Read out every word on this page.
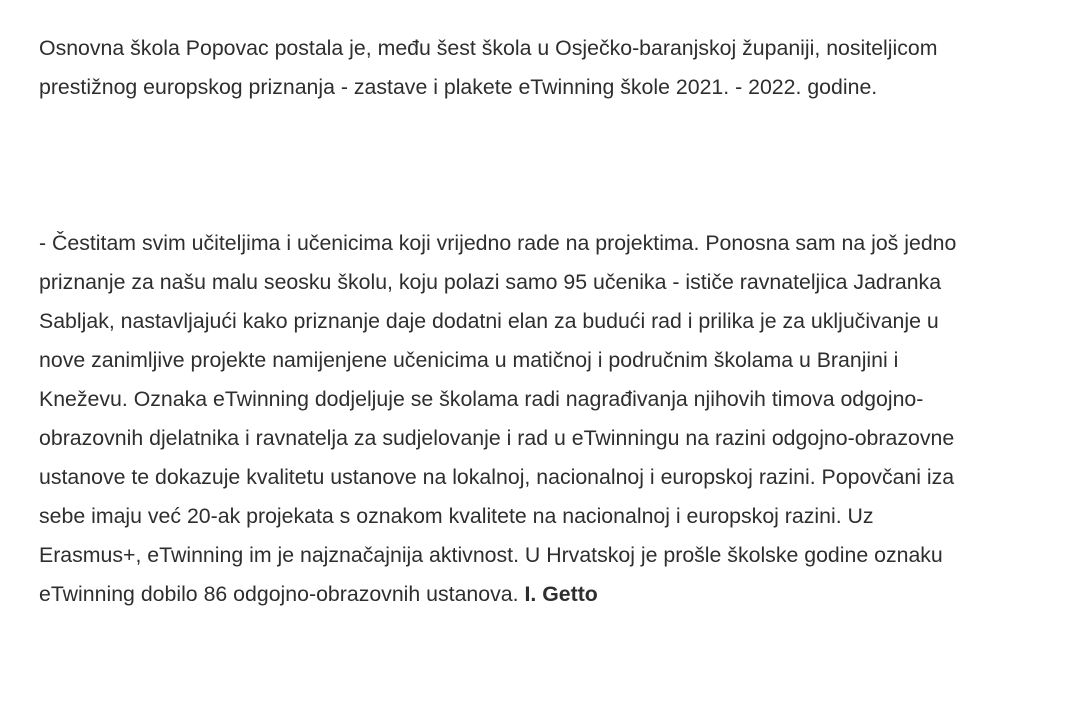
Osnovna škola Popovac postala je, među šest škola u Osječko-baranjskoj županiji, nositeljicom prestižnog europskog priznanja - zastave i plakete eTwinning škole 2021. - 2022. godine.

- Čestitam svim učiteljima i učenicima koji vrijedno rade na projektima. Ponosna sam na još jedno priznanje za našu malu seosku školu, koju polazi samo 95 učenika - ističe ravnateljica Jadranka Sabljak, nastavljajući kako priznanje daje dodatni elan za budući rad i prilika je za uključivanje u nove zanimljive projekte namijenjene učenicima u matičnoj i područnim školama u Branjini i Kneževu. Oznaka eTwinning dodjeljuje se školama radi nagrađivanja njihovih timova odgojno-obrazovnih djelatnika i ravnatelja za sudjelovanje i rad u eTwinningu na razini odgojno-obrazovne ustanove te dokazuje kvalitetu ustanove na lokalnoj, nacionalnoj i europskoj razini. Popovčani iza sebe imaju već 20-ak projekata s oznakom kvalitete na nacionalnoj i europskoj razini. Uz Erasmus+, eTwinning im je najznačajnija aktivnost. U Hrvatskoj je prošle školske godine oznaku eTwinning dobilo 86 odgojno-obrazovnih ustanova. I. Getto
